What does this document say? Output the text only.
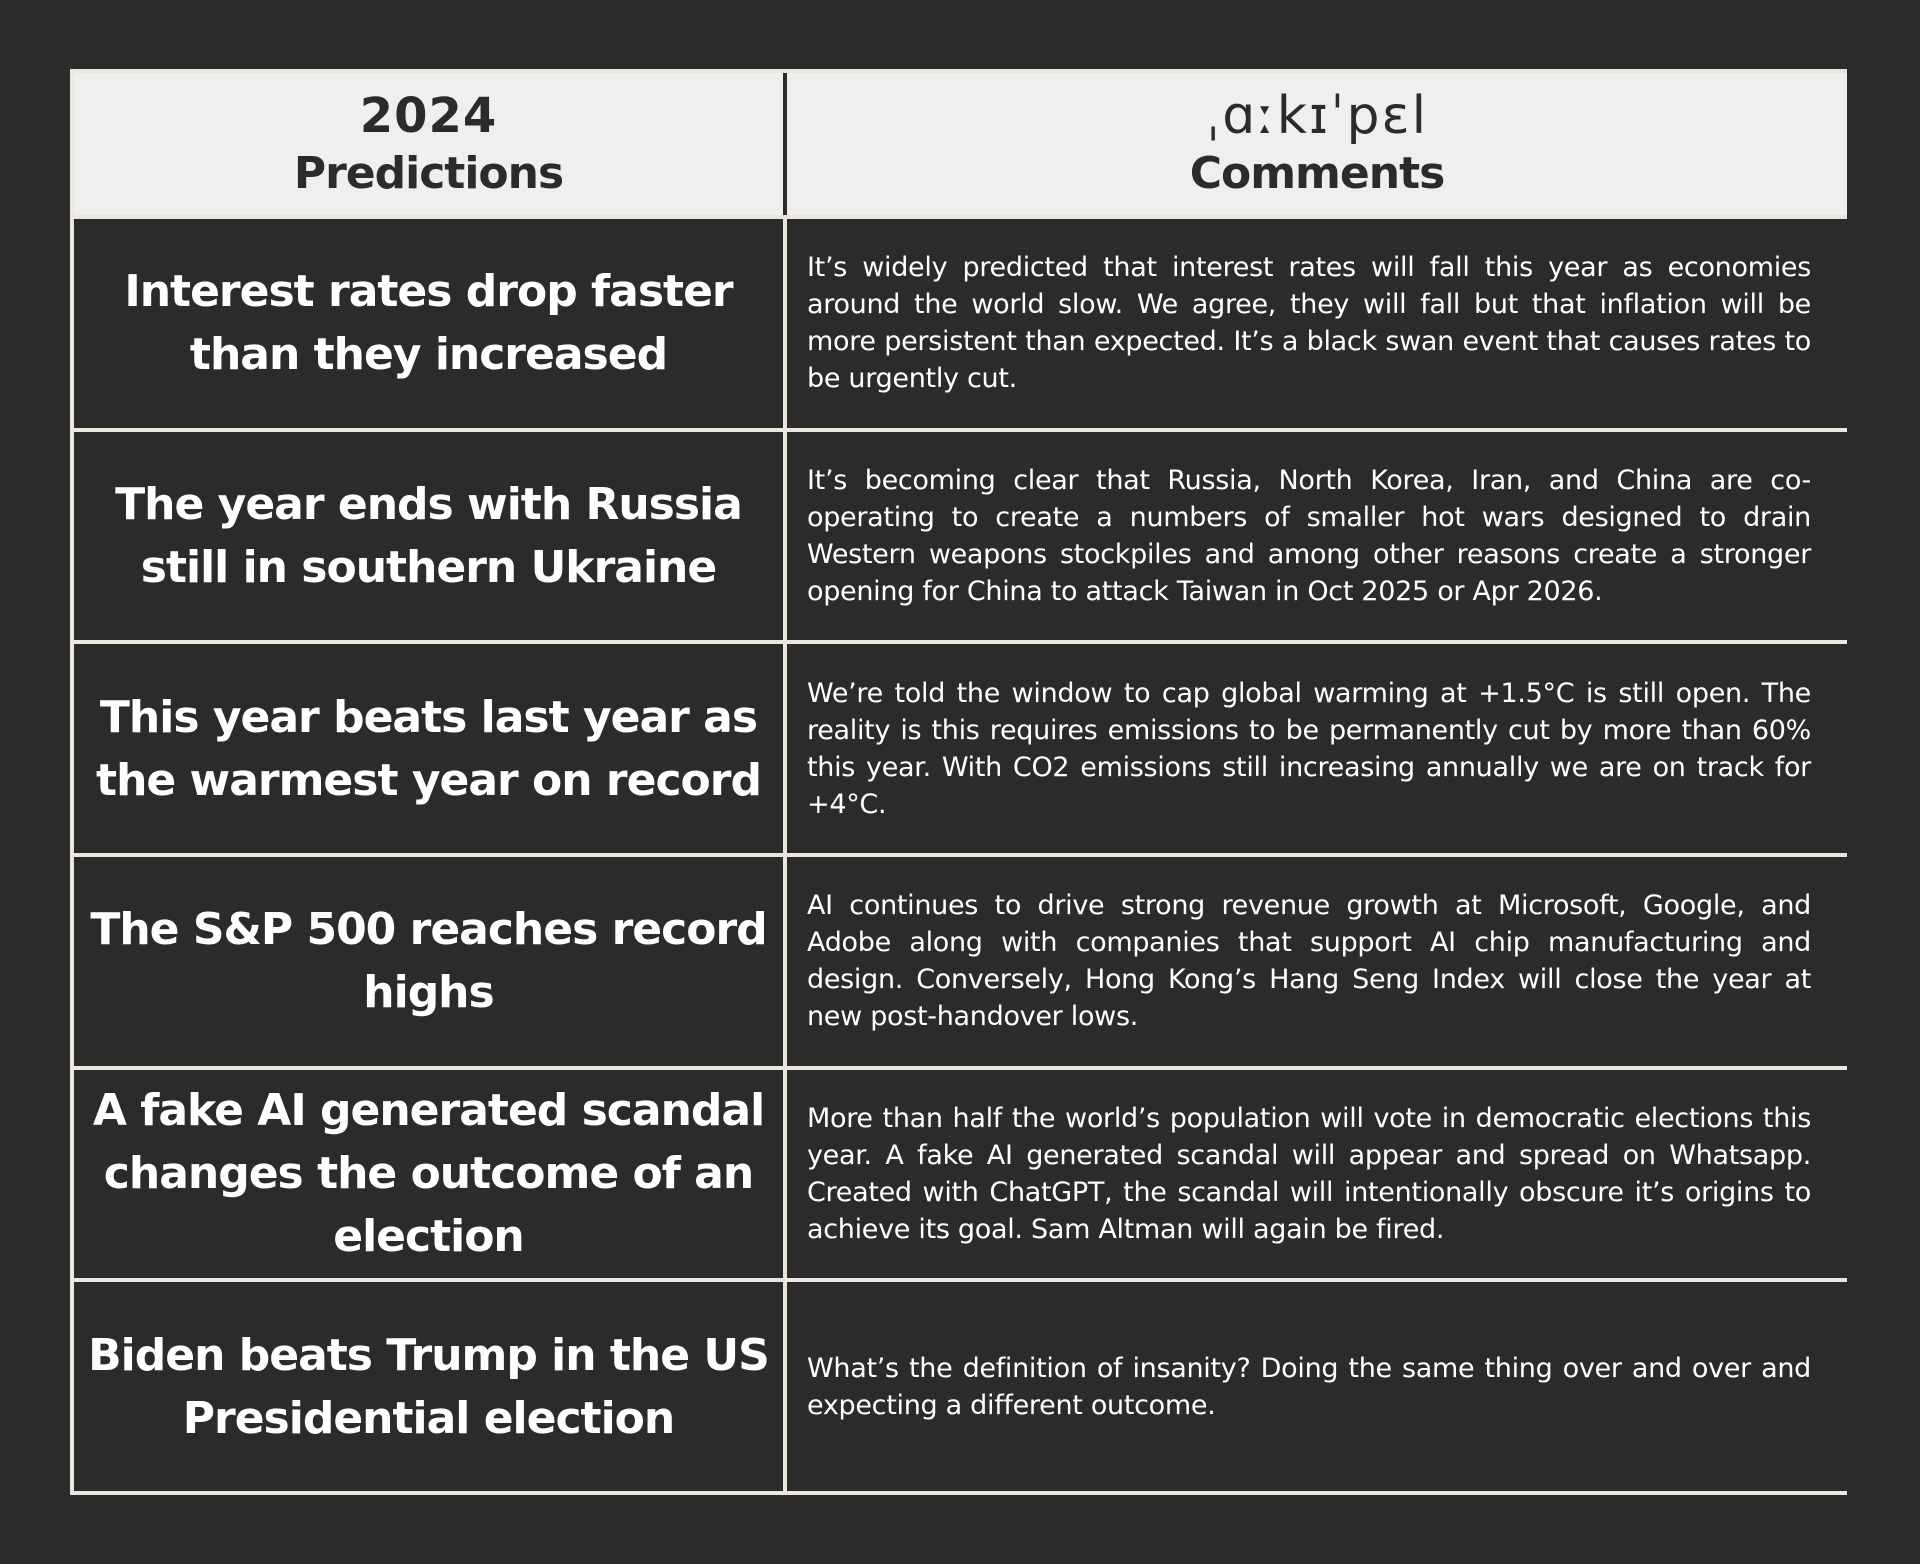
2024
Predictions
ˌɑːkɪˈpɛl
Comments
Interest rates drop faster than they increased
It’s widely predicted that interest rates will fall this year as economies around the world slow. We agree, they will fall but that inflation will be more persistent than expected. It’s a black swan event that causes rates to be urgently cut.
The year ends with Russia still in southern Ukraine
It’s becoming clear that Russia, North Korea, Iran, and China are co-operating to create a numbers of smaller hot wars designed to drain Western weapons stockpiles and among other reasons create a stronger opening for China to attack Taiwan in Oct 2025 or Apr 2026.
This year beats last year as the warmest year on record
We’re told the window to cap global warming at +1.5°C is still open. The reality is this requires emissions to be permanently cut by more than 60% this year. With CO2 emissions still increasing annually we are on track for +4°C.
The S&P 500 reaches record highs
AI continues to drive strong revenue growth at Microsoft, Google, and Adobe along with companies that support AI chip manufacturing and design. Conversely, Hong Kong’s Hang Seng Index will close the year at new post-handover lows.
A fake AI generated scandal changes the outcome of an election
More than half the world’s population will vote in democratic elections this year. A fake AI generated scandal will appear and spread on Whatsapp. Created with ChatGPT, the scandal will intentionally obscure it’s origins to achieve its goal. Sam Altman will again be fired.
Biden beats Trump in the US Presidential election
What’s the definition of insanity? Doing the same thing over and over and expecting a different outcome.
